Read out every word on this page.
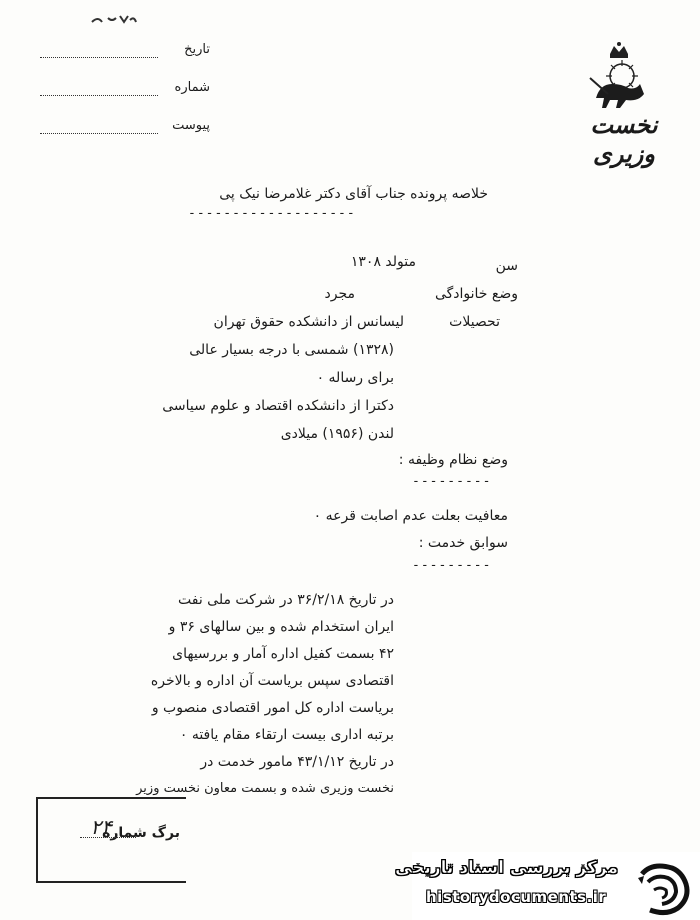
تاریخ
شماره
پیوست	نخست وزیری
خلاصه پرونده جناب آقای دکتر غلامرضا نیک پی
-------------------
سن
متولد ۱۳۰۸
وضع خانوادگی
مجرد
تحصیلات
لیسانس از دانشکده حقوق تهران
(۱۳۲۸) شمسی با درجه بسیار عالی
برای رساله ۰
دکترا از دانشکده اقتصاد و علوم سیاسی
لندن (۱۹۵۶) میلادی
وضع نظام وظیفه :
---------
معافیت بعلت عدم اصابت قرعه ۰
سوابق خدمت :
---------
در تاریخ ۳۶/۲/۱۸ در شرکت ملی نفت
ایران استخدام شده و بین سالهای ۳۶ و
۴۲ بسمت کفیل اداره آمار و بررسیهای
اقتصادی سپس بریاست آن اداره و بالاخره
بریاست اداره کل امور اقتصادی منصوب و
برتبه اداری بیست ارتقاء مقام یافته ۰
در تاریخ ۴۳/۱/۱۲ مامور خدمت در
نخست وزیری شده و بسمت معاون نخست وزیر
برگ شماره
۲۴
مرکز بررسی اسناد تاریخی
historydocuments.ir
